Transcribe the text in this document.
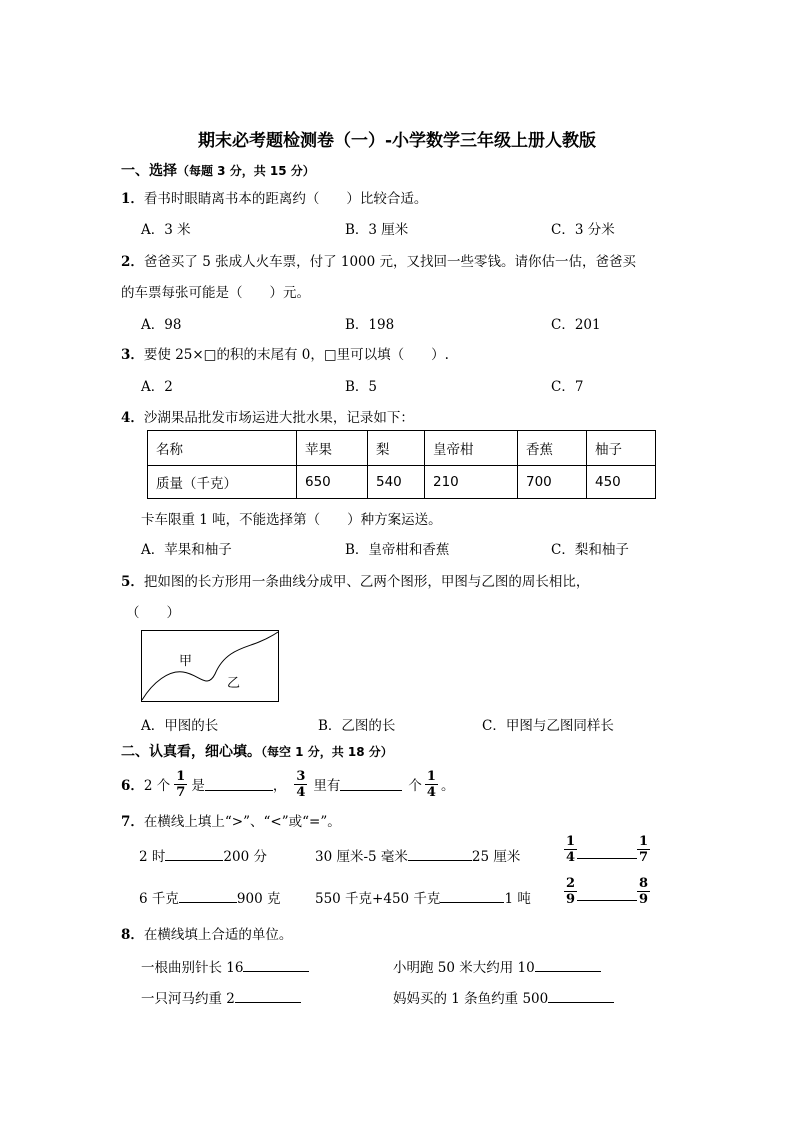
期末必考题检测卷（一）-小学数学三年级上册人教版
一、选择（每题 3 分，共 15 分）
1．看书时眼睛离书本的距离约（　　）比较合适。
A．3 米	B．3 厘米	C．3 分米
2．爸爸买了 5 张成人火车票，付了 1000 元，又找回一些零钱。请你估一估，爸爸买
的车票每张可能是（　　）元。
A．98	B．198	C．201
3．要使 25×□的积的末尾有 0，□里可以填（　　）.
A．2	B．5	C．7
4．沙湖果品批发市场运进大批水果，记录如下：
名称	苹果	梨	皇帝柑	香蕉	柚子
质量（千克）	650	540	210	700	450
卡车限重 1 吨，不能选择第（　　）种方案运送。
A．苹果和柚子	B．皇帝柑和香蕉	C．梨和柚子
5．把如图的长方形用一条曲线分成甲、乙两个图形，甲图与乙图的周长相比，
（　　）
甲
乙
A．甲图的长	B．乙图的长	C．甲图与乙图同样长
二、认真看，细心填。（每空 1 分，共 18 分）
6． 2 个 $\frac{1}{7}$ 是	， $\frac{3}{4}$ 里有	个 $\frac{1}{4}$ 。
7．在横线上填上“>”、“<”或“=”。
2 时	200 分	30 厘米-5 毫米	25 厘米	$\frac{1}{4}$	$\frac{1}{7}$
6 千克	900 克	550 千克+450 千克	1 吨	$\frac{2}{9}$	$\frac{8}{9}$
8．在横线填上合适的单位。
一根曲别针长 16	小明跑 50 米大约用 10
一只河马约重 2	妈妈买的 1 条鱼约重 500
